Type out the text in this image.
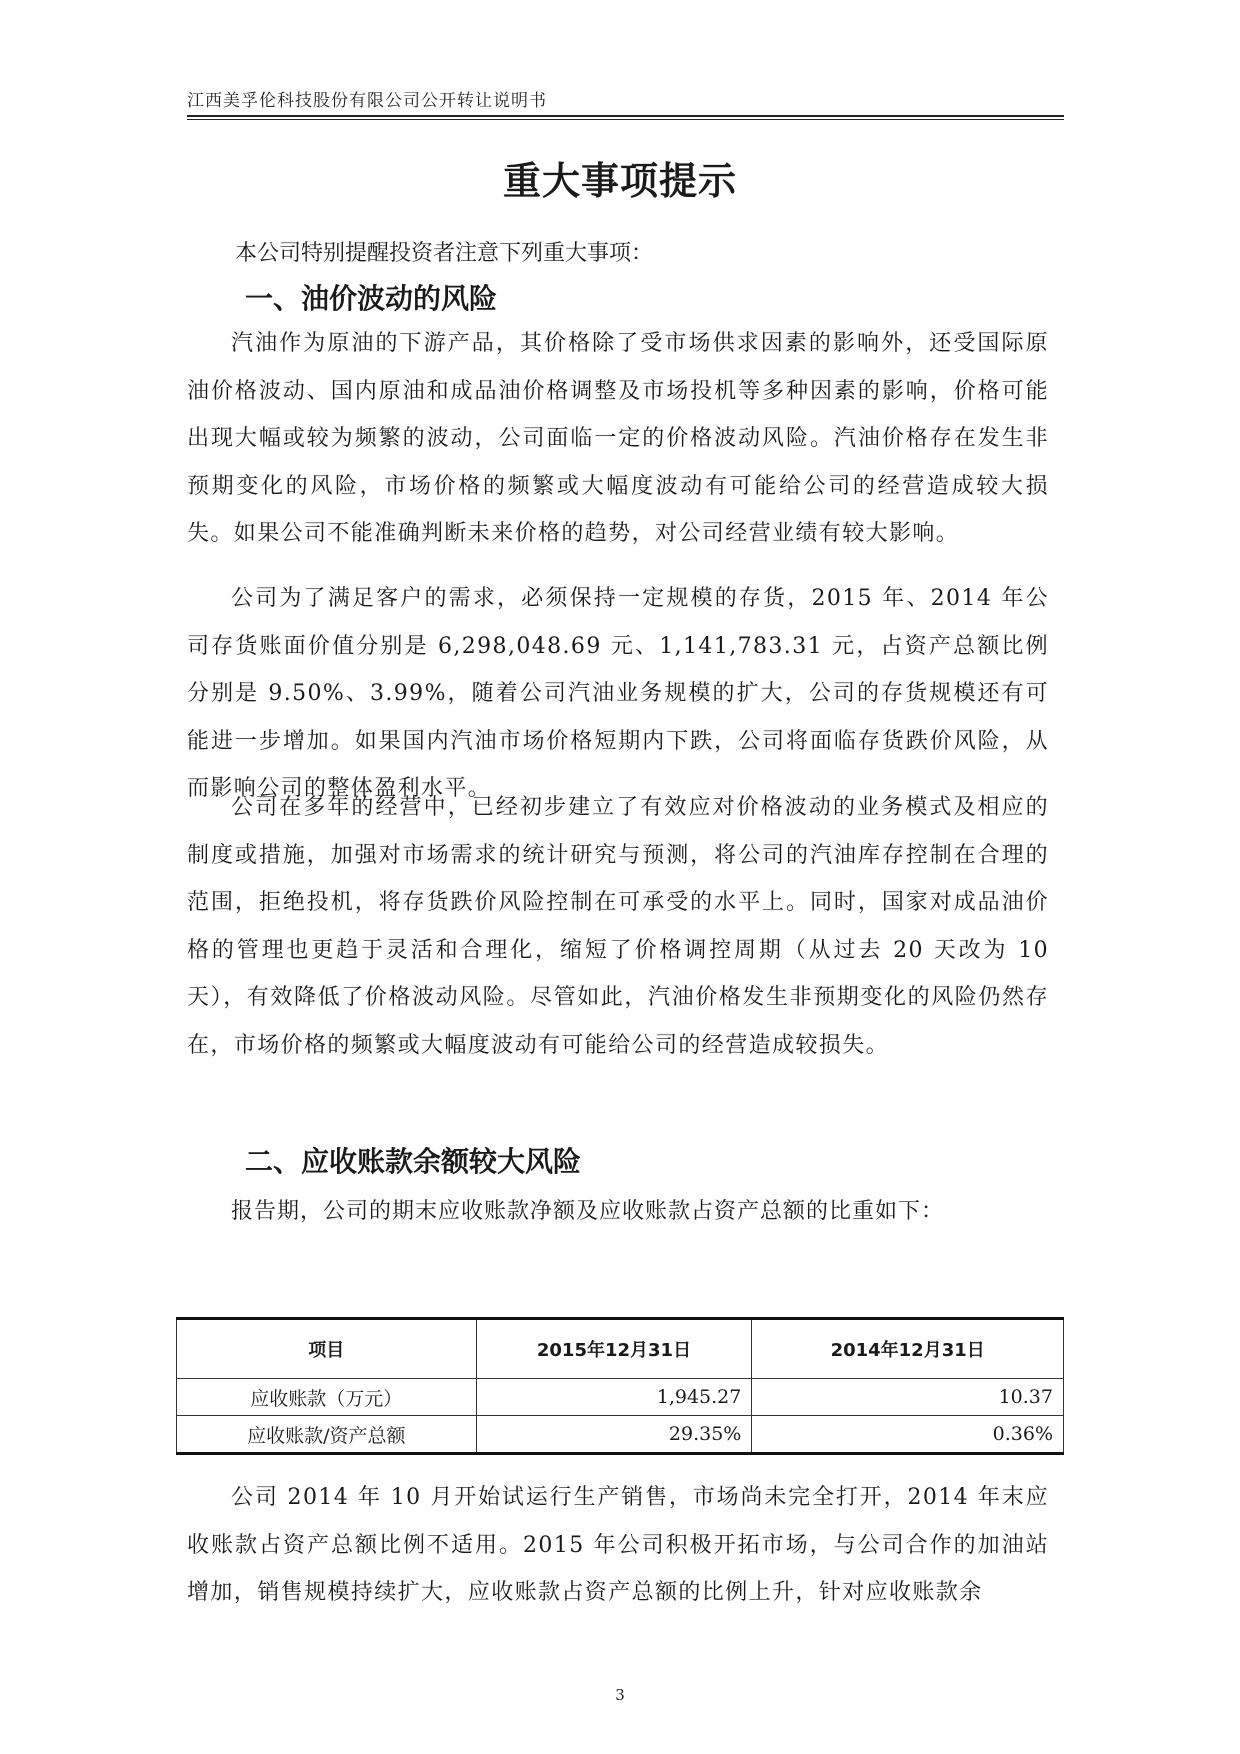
江西美孚伦科技股份有限公司公开转让说明书
重大事项提示
本公司特别提醒投资者注意下列重大事项：
一、油价波动的风险
汽油作为原油的下游产品，其价格除了受市场供求因素的影响外，还受国际原油价格波动、国内原油和成品油价格调整及市场投机等多种因素的影响，价格可能出现大幅或较为频繁的波动，公司面临一定的价格波动风险。汽油价格存在发生非预期变化的风险，市场价格的频繁或大幅度波动有可能给公司的经营造成较大损失。如果公司不能准确判断未来价格的趋势，对公司经营业绩有较大影响。
公司为了满足客户的需求，必须保持一定规模的存货，2015 年、2014 年公司存货账面价值分别是 6,298,048.69 元、1,141,783.31 元，占资产总额比例分别是 9.50%、3.99%，随着公司汽油业务规模的扩大，公司的存货规模还有可能进一步增加。如果国内汽油市场价格短期内下跌，公司将面临存货跌价风险，从而影响公司的整体盈利水平。
公司在多年的经营中，已经初步建立了有效应对价格波动的业务模式及相应的制度或措施，加强对市场需求的统计研究与预测，将公司的汽油库存控制在合理的范围，拒绝投机，将存货跌价风险控制在可承受的水平上。同时，国家对成品油价格的管理也更趋于灵活和合理化，缩短了价格调控周期（从过去 20 天改为 10 天），有效降低了价格波动风险。尽管如此，汽油价格发生非预期变化的风险仍然存在，市场价格的频繁或大幅度波动有可能给公司的经营造成较损失。
二、应收账款余额较大风险
报告期，公司的期末应收账款净额及应收账款占资产总额的比重如下：
项目	2015年12月31日	2014年12月31日
应收账款（万元）	1,945.27	10.37
应收账款/资产总额	29.35%	0.36%
公司 2014 年 10 月开始试运行生产销售，市场尚未完全打开，2014 年末应收账款占资产总额比例不适用。2015 年公司积极开拓市场，与公司合作的加油站增加，销售规模持续扩大，应收账款占资产总额的比例上升，针对应收账款余
3
